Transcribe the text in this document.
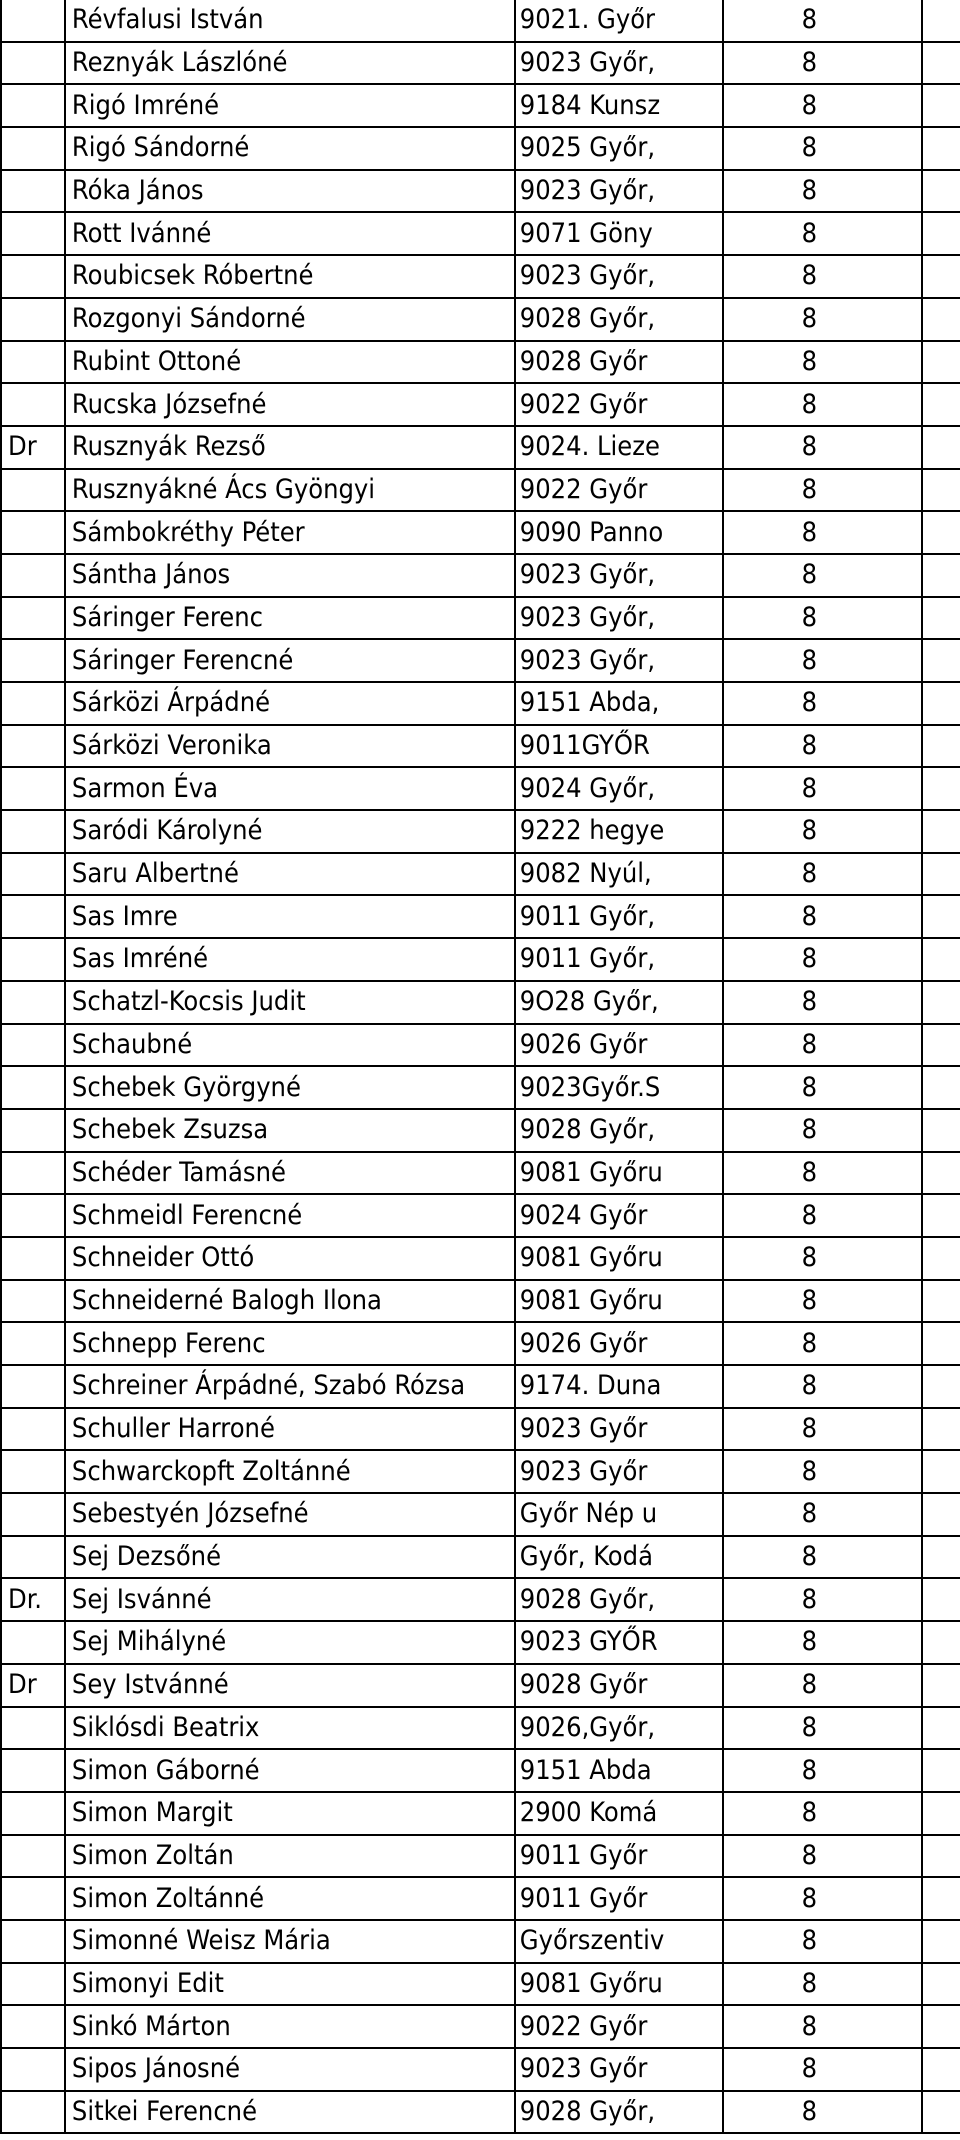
	Révfalusi István	9021. Győr	8	
	Reznyák Lászlóné	9023 Győr,	8	
	Rigó Imréné	9184 Kunsz	8	
	Rigó Sándorné	9025 Győr,	8	
	Róka János	9023 Győr,	8	
	Rott Ivánné	9071 Göny	8	
	Roubicsek Róbertné	9023 Győr,	8	
	Rozgonyi Sándorné	9028 Győr,	8	
	Rubint Ottoné	9028 Győr	8	
	Rucska Józsefné	9022 Győr	8	
Dr	Rusznyák Rezső	9024. Lieze	8	
	Rusznyákné Ács Gyöngyi	9022 Győr	8	
	Sámbokréthy Péter	9090 Panno	8	
	Sántha János	9023 Győr,	8	
	Sáringer Ferenc	9023 Győr,	8	
	Sáringer Ferencné	9023 Győr,	8	
	Sárközi Árpádné	9151 Abda,	8	
	Sárközi Veronika	9011GYŐR	8	
	Sarmon Éva	9024 Győr,	8	
	Saródi Károlyné	9222 hegye	8	
	Saru Albertné	9082 Nyúl,	8	
	Sas Imre	9011 Győr,	8	
	Sas Imréné	9011 Győr,	8	
	Schatzl-Kocsis Judit	9O28 Győr,	8	
	Schaubné	9026 Győr	8	
	Schebek Györgyné	9023Győr.S	8	
	Schebek Zsuzsa	9028 Győr,	8	
	Schéder Tamásné	9081 Győru	8	
	Schmeidl Ferencné	9024 Győr	8	
	Schneider Ottó	9081 Győru	8	
	Schneiderné Balogh Ilona	9081 Győru	8	
	Schnepp Ferenc	9026 Győr	8	
	Schreiner Árpádné, Szabó Rózsa	9174. Duna	8	
	Schuller Harroné	9023 Győr	8	
	Schwarckopft Zoltánné	9023 Győr	8	
	Sebestyén Józsefné	Győr Nép u	8	
	Sej Dezsőné	Győr, Kodá	8	
Dr.	Sej Isvánné	9028 Győr,	8	
	Sej Mihályné	9023 GYŐR	8	
Dr	Sey Istvánné	9028 Győr	8	
	Siklósdi Beatrix	9026,Győr,	8	
	Simon Gáborné	9151 Abda	8	
	Simon Margit	2900 Komá	8	
	Simon Zoltán	9011 Győr	8	
	Simon Zoltánné	9011 Győr	8	
	Simonné Weisz Mária	Győrszentiv	8	
	Simonyi Edit	9081 Győru	8	
	Sinkó Márton	9022 Győr	8	
	Sipos Jánosné	9023 Győr	8	
	Sitkei Ferencné	9028 Győr,	8	
